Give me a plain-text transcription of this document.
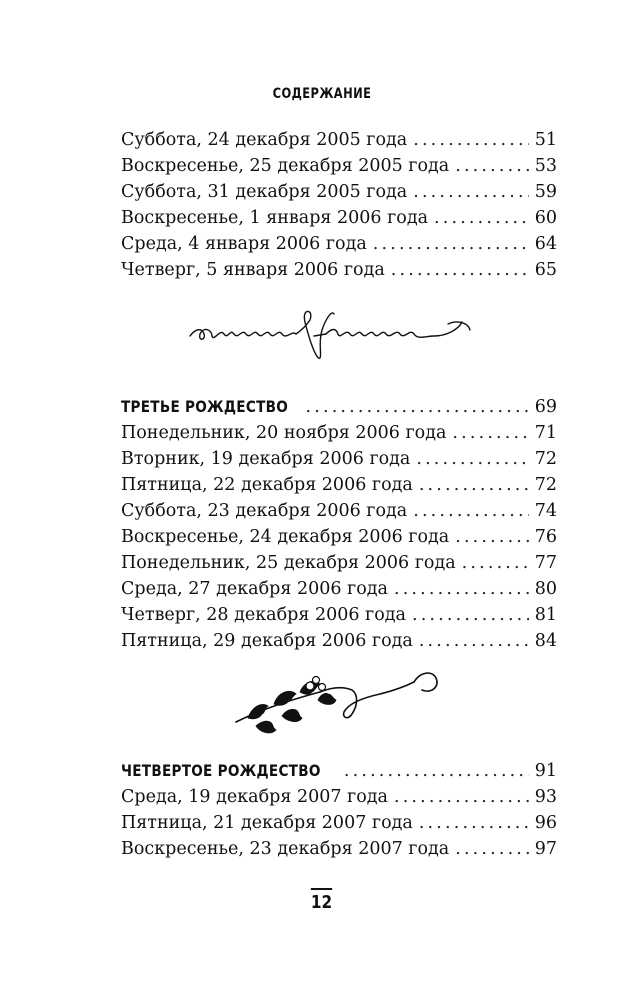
СОДЕРЖАНИЕ
Суббота, 24 декабря 2005 года . . .	51
Воскресенье, 25 декабря 2005 года . . .	53
Суббота, 31 декабря 2005 года . . .	59
Воскресенье, 1 января 2006 года . . .	60
Среда, 4 января 2006 года . . .	64
Четверг, 5 января 2006 года . . .	65
ТРЕТЬЕ РОЖДЕСТВО . . .	69
Понедельник, 20 ноября 2006 года . . .	71
Вторник, 19 декабря 2006 года . . .	72
Пятница, 22 декабря 2006 года . . .	72
Суббота, 23 декабря 2006 года . . .	74
Воскресенье, 24 декабря 2006 года . . .	76
Понедельник, 25 декабря 2006 года . . .	77
Среда, 27 декабря 2006 года . . .	80
Четверг, 28 декабря 2006 года . . .	81
Пятница, 29 декабря 2006 года . . .	84
ЧЕТВЕРТОЕ РОЖДЕСТВО . . .	91
Среда, 19 декабря 2007 года . . .	93
Пятница, 21 декабря 2007 года . . .	96
Воскресенье, 23 декабря 2007 года . . .	97
12
